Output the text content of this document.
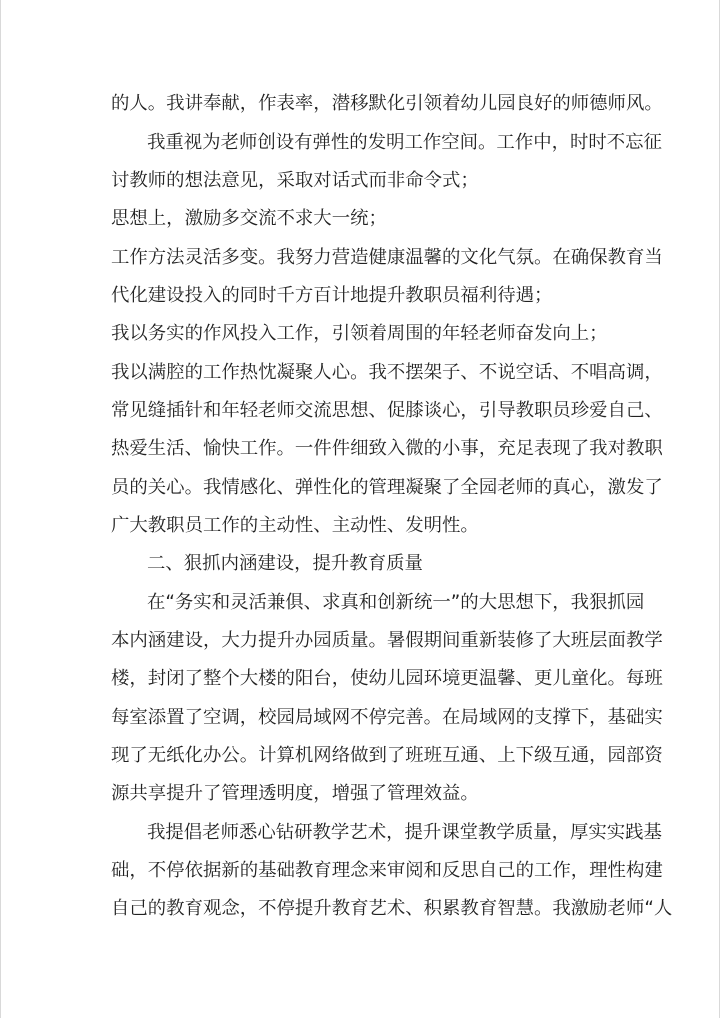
的人。我讲奉献，作表率，潜移默化引领着幼儿园良好的师德师风。
我重视为老师创设有弹性的发明工作空间。工作中，时时不忘征
讨教师的想法意见，采取对话式而非命令式；
思想上，激励多交流不求大一统；
工作方法灵活多变。我努力营造健康温馨的文化气氛。在确保教育当
代化建设投入的同时千方百计地提升教职员福利待遇；
我以务实的作风投入工作，引领着周围的年轻老师奋发向上；
我以满腔的工作热忱凝聚人心。我不摆架子、不说空话、不唱高调，
常见缝插针和年轻老师交流思想、促膝谈心，引导教职员珍爱自己、
热爱生活、愉快工作。一件件细致入微的小事，充足表现了我对教职
员的关心。我情感化、弹性化的管理凝聚了全园老师的真心，激发了
广大教职员工作的主动性、主动性、发明性。
二、狠抓内涵建设，提升教育质量
在“务实和灵活兼俱、求真和创新统一”的大思想下，我狠抓园
本内涵建设，大力提升办园质量。暑假期间重新装修了大班层面教学
楼，封闭了整个大楼的阳台，使幼儿园环境更温馨、更儿童化。每班
每室添置了空调，校园局域网不停完善。在局域网的支撑下，基础实
现了无纸化办公。计算机网络做到了班班互通、上下级互通，园部资
源共享提升了管理透明度，增强了管理效益。
我提倡老师悉心钻研教学艺术，提升课堂教学质量，厚实实践基
础，不停依据新的基础教育理念来审阅和反思自己的工作，理性构建
自己的教育观念，不停提升教育艺术、积累教育智慧。我激励老师“人
